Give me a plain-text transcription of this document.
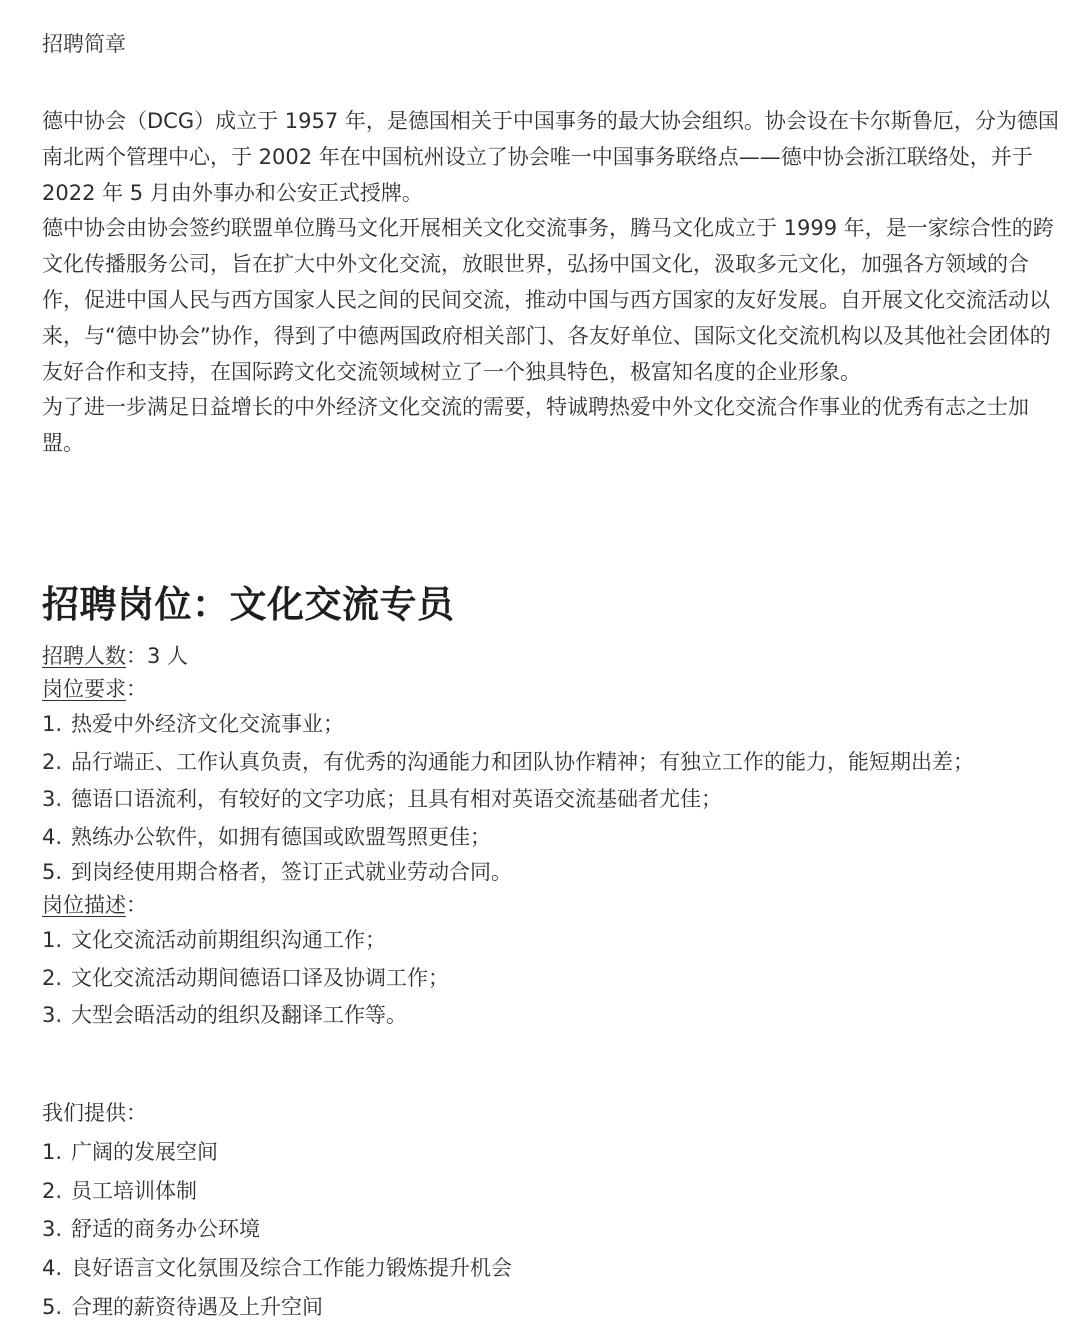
招聘简章

德中协会（DCG）成立于 1957 年，是德国相关于中国事务的最大协会组织。协会设在卡尔斯鲁厄，分为德国南北两个管理中心，于 2002 年在中国杭州设立了协会唯一中国事务联络点——德中协会浙江联络处，并于 2022 年 5 月由外事办和公安正式授牌。

德中协会由协会签约联盟单位腾马文化开展相关文化交流事务，腾马文化成立于 1999 年，是一家综合性的跨文化传播服务公司，旨在扩大中外文化交流，放眼世界，弘扬中国文化，汲取多元文化，加强各方领域的合作，促进中国人民与西方国家人民之间的民间交流，推动中国与西方国家的友好发展。自开展文化交流活动以来，与“德中协会”协作，得到了中德两国政府相关部门、各友好单位、国际文化交流机构以及其他社会团体的友好合作和支持，在国际跨文化交流领域树立了一个独具特色，极富知名度的企业形象。

为了进一步满足日益增长的中外经济文化交流的需要，特诚聘热爱中外文化交流合作事业的优秀有志之士加盟。

招聘岗位：文化交流专员
招聘人数：3 人
岗位要求：
1. 热爱中外经济文化交流事业；
2. 品行端正、工作认真负责，有优秀的沟通能力和团队协作精神；有独立工作的能力，能短期出差；
3. 德语口语流利，有较好的文字功底；且具有相对英语交流基础者尤佳；
4. 熟练办公软件，如拥有德国或欧盟驾照更佳；
5. 到岗经使用期合格者，签订正式就业劳动合同。
岗位描述：
1. 文化交流活动前期组织沟通工作；
2. 文化交流活动期间德语口译及协调工作；
3. 大型会晤活动的组织及翻译工作等。
我们提供：
1. 广阔的发展空间
2. 员工培训体制
3. 舒适的商务办公环境
4. 良好语言文化氛围及综合工作能力锻炼提升机会
5. 合理的薪资待遇及上升空间
